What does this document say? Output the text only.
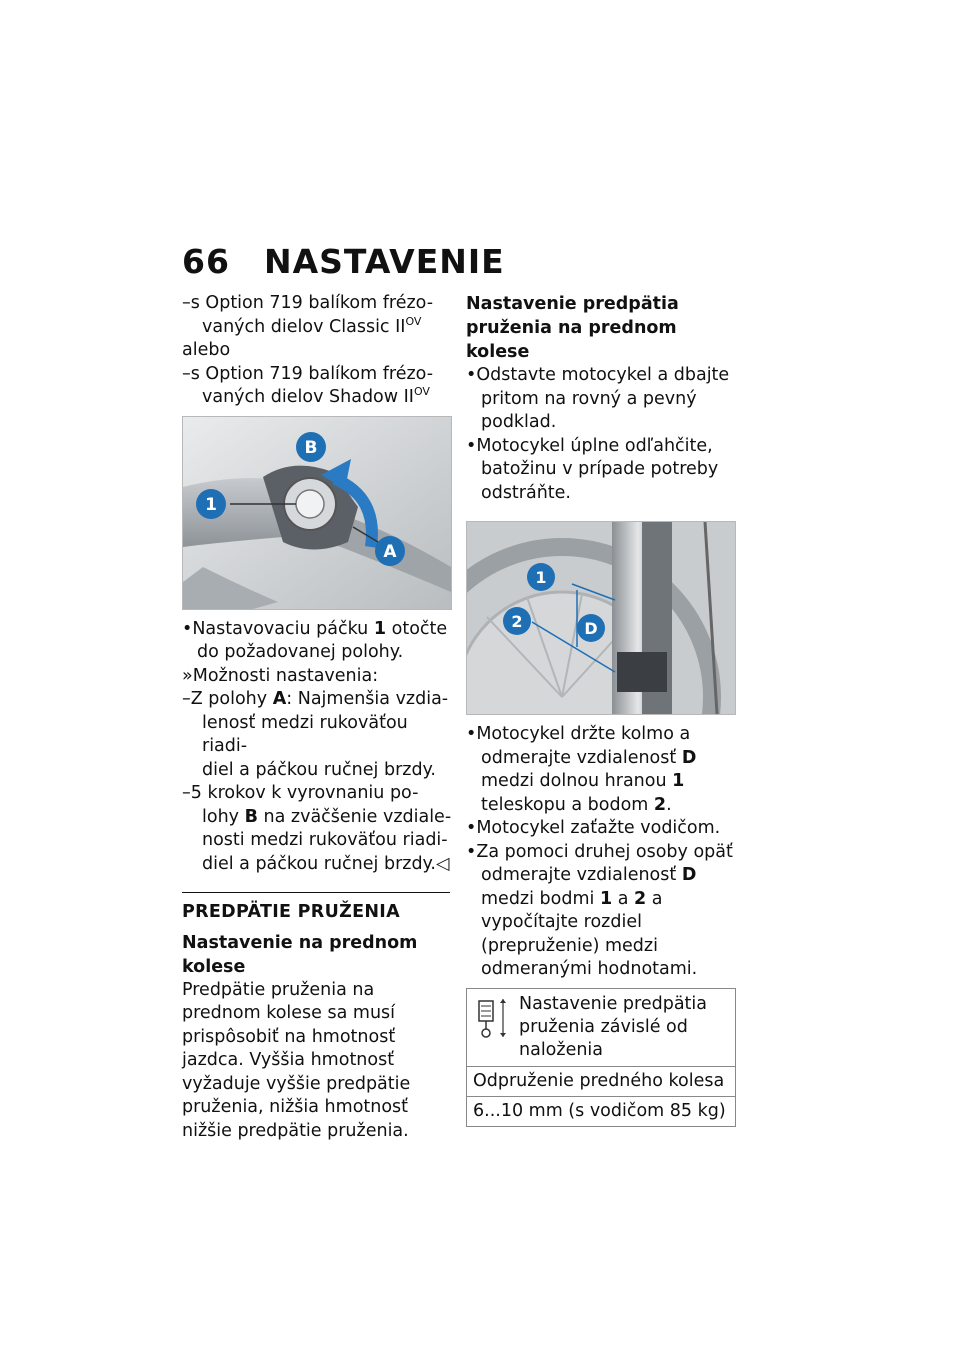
66 NASTAVENIE

–s Option 719 balíkom frézo-
vaných dielov Classic $II^{OV}$

alebo

–s Option 719 balíkom frézo-
vaných dielov Shadow $II^{OV}$

1
B
A

•Nastavovaciu páčku 1 otočte
do požadovanej polohy.

»Možnosti nastavenia:

–Z polohy A: Najmenšia vzdia-
lenosť medzi rukoväťou riadi-
diel a páčkou ručnej brzdy.

–5 krokov k vyrovnaniu po-
lohy B na zväčšenie vzdiale-
nosti medzi rukoväťou riadi-
diel a páčkou ručnej brzdy.◁

PREDPÄTIE PRUŽENIA

Nastavenie na prednom kolese

Predpätie pruženia na prednom kolese sa musí prispôsobiť na hmotnosť jazdca. Vyššia hmotnosť vyžaduje vyššie predpätie pruženia, nižšia hmotnosť nižšie predpätie pruženia.

Nastavenie predpätia pruženia na prednom kolese

•Odstavte motocykel a dbajte pritom na rovný a pevný podklad.

•Motocykel úplne odľahčite, batožinu v prípade potreby odstráňte.

1
2	D

•Motocykel držte kolmo a odmerajte vzdialenosť D medzi dolnou hranou 1 teleskopu a bodom 2.

•Motocykel zaťažte vodičom.

•Za pomoci druhej osoby opäť odmerajte vzdialenosť D medzi bodmi 1 a 2 a vypočítajte rozdiel (prepruženie) medzi odmeranými hodnotami.

Nastavenie predpätia pruženia závislé od naloženia
Odpruženie predného kolesa
6...10 mm (s vodičom 85 kg)
